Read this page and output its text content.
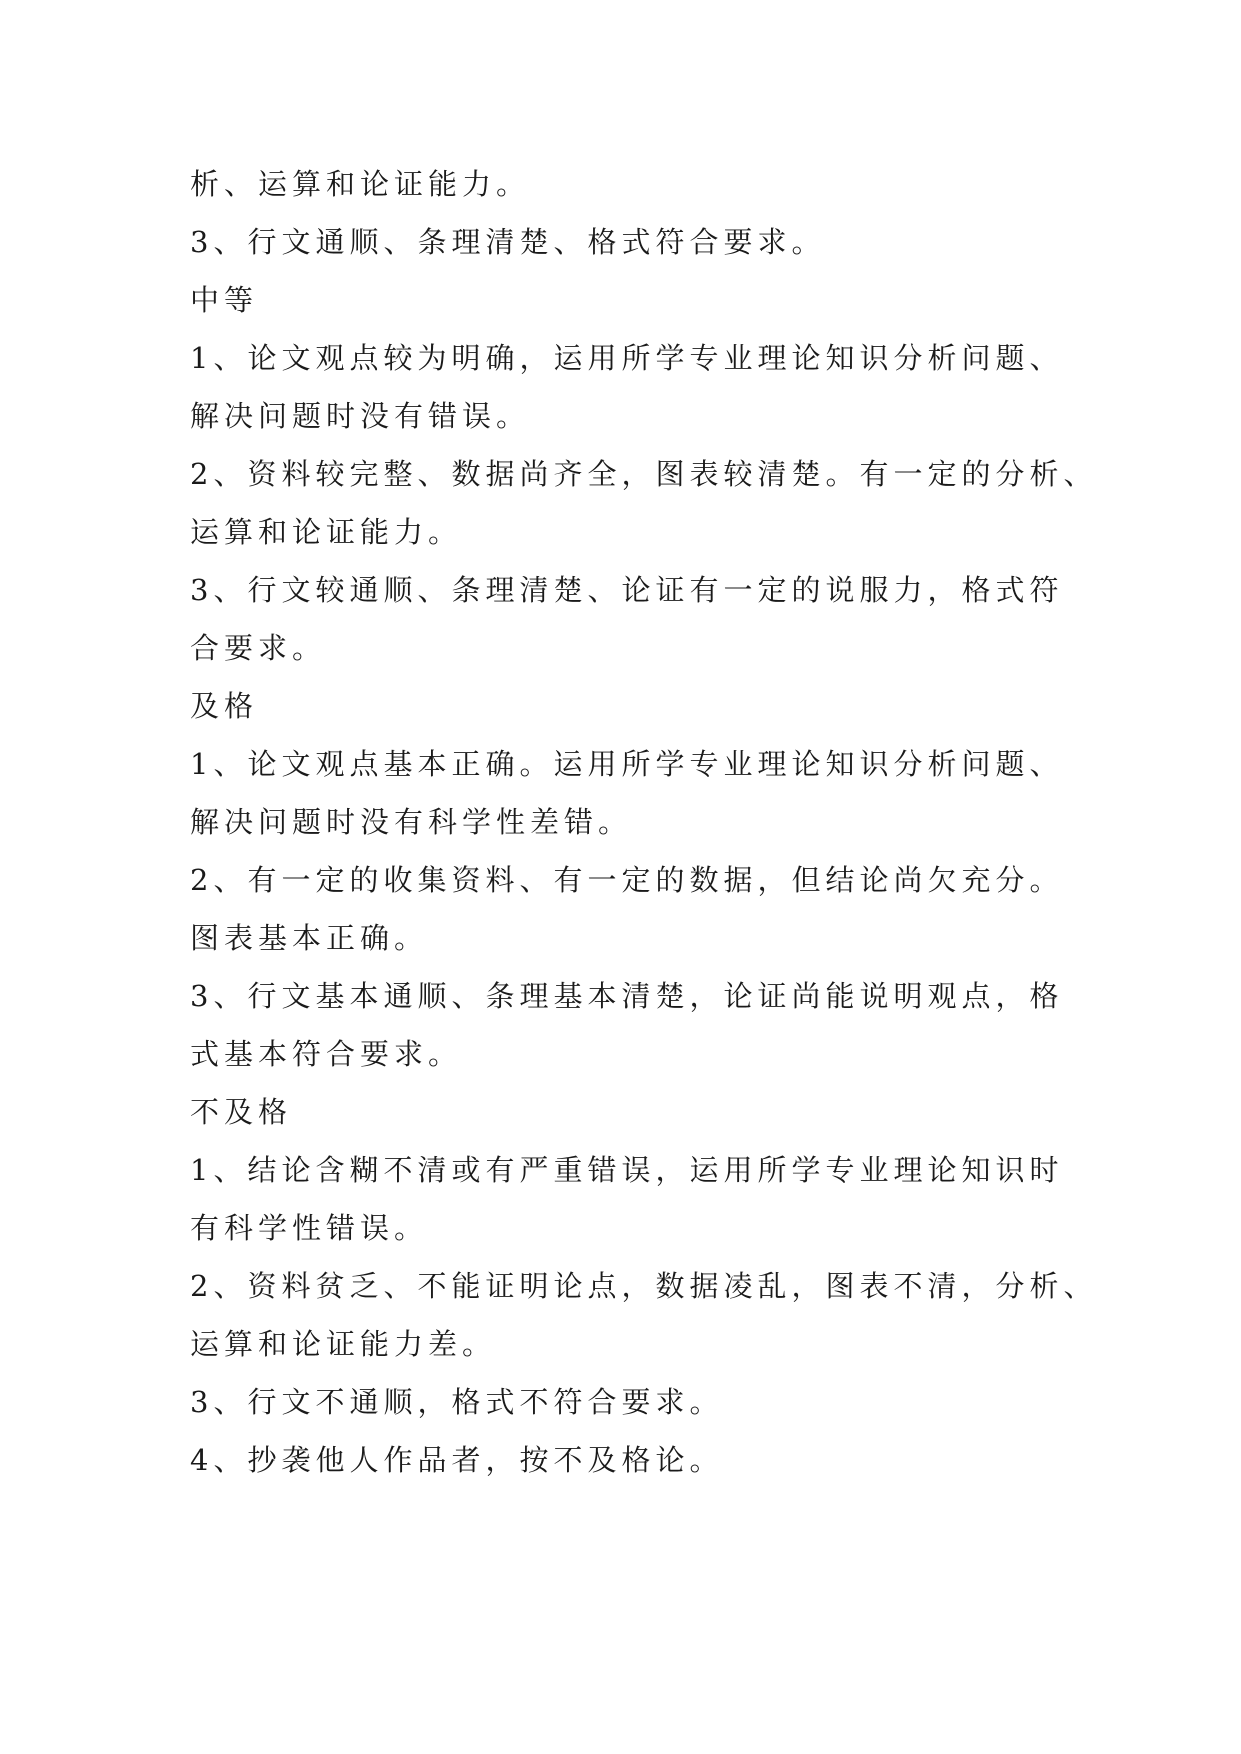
析、运算和论证能力。
3、行文通顺、条理清楚、格式符合要求。
中等
1、论文观点较为明确，运用所学专业理论知识分析问题、
解决问题时没有错误。
2、资料较完整、数据尚齐全，图表较清楚。有一定的分析、
运算和论证能力。
3、行文较通顺、条理清楚、论证有一定的说服力，格式符
合要求。
及格
1、论文观点基本正确。运用所学专业理论知识分析问题、
解决问题时没有科学性差错。
2、有一定的收集资料、有一定的数据，但结论尚欠充分。
图表基本正确。
3、行文基本通顺、条理基本清楚，论证尚能说明观点，格
式基本符合要求。
不及格
1、结论含糊不清或有严重错误，运用所学专业理论知识时
有科学性错误。
2、资料贫乏、不能证明论点，数据凌乱，图表不清，分析、
运算和论证能力差。
3、行文不通顺，格式不符合要求。
4、抄袭他人作品者，按不及格论。
